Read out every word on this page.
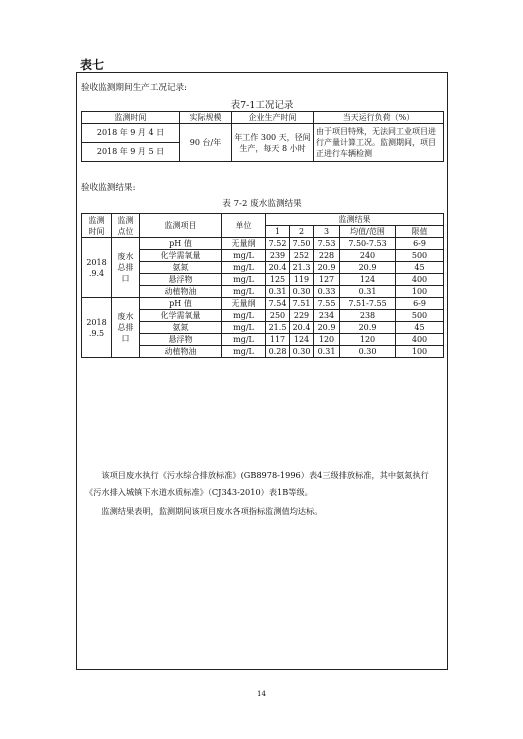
表七
验收监测期间生产工况记录:
表7-1工况记录
监测时间	实际规模	企业生产时间	当天运行负荷（%）
2018 年 9 月 4 日	90 台/年	年工作 300 天，径间生产，每天 8 小时	由于项目特殊，无法同工业项目进行产量计算工况。监测期间，项目正进行车辆检测
2018 年 9 月 5 日			
验收监测结果:
表 7-2 废水监测结果
监测时间	监测点位	监测项目	单位	监测结果				
				1	2	3	均值/范围	限值
2018 .9.4	废水总排口	pH 值	无量纲	7.52	7.50	7.53	7.50-7.53	6-9
		化学需氧量	mg/L	239	252	228	240	500
		氨氮	mg/L	20.4	21.3	20.9	20.9	45
		悬浮物	mg/L	125	119	127	124	400
		动植物油	mg/L	0.31	0.30	0.33	0.31	100
2018 .9.5	废水总排口	pH 值	无量纲	7.54	7.51	7.55	7.51-7.55	6-9
		化学需氧量	mg/L	250	229	234	238	500
		氨氮	mg/L	21.5	20.4	20.9	20.9	45
		悬浮物	mg/L	117	124	120	120	400
		动植物油	mg/L	0.28	0.30	0.31	0.30	100
该项目废水执行《污水综合排放标准》(GB8978-1996）表4三级排放标准，其中氨氮执行《污水排入城镇下水道水质标准》（CJ343-2010）表1B等级。
监测结果表明，监测期间该项目废水各项指标监测值均达标。
14
